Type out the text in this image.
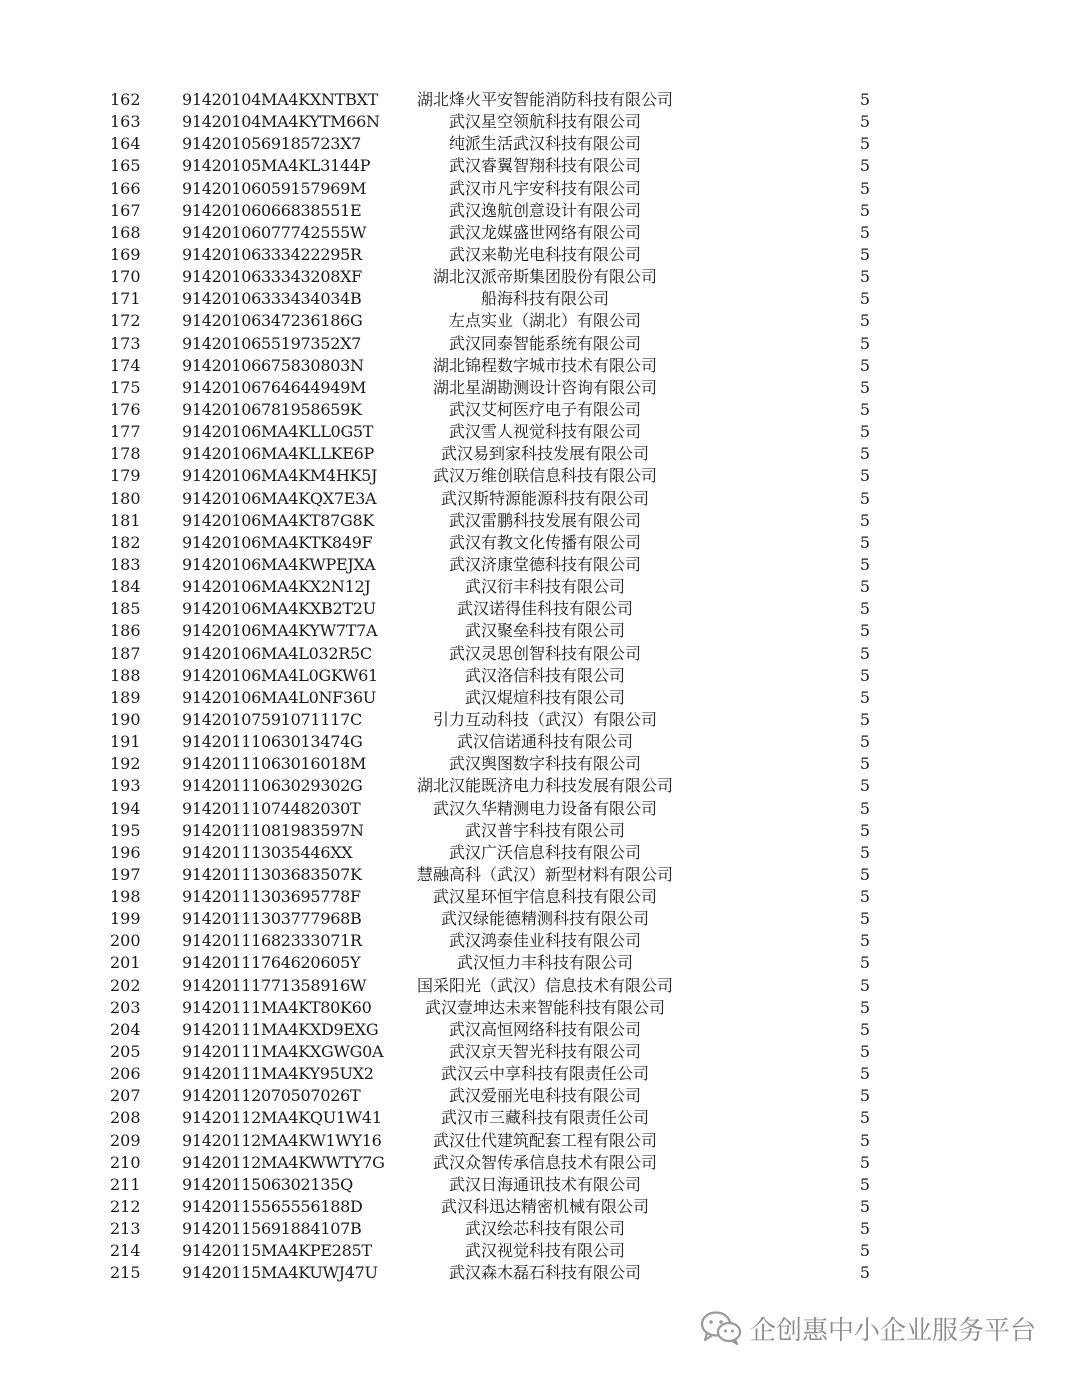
162	91420104MA4KXNTBXT	湖北烽火平安智能消防科技有限公司	5
163	91420104MA4KYTM66N	武汉星空领航科技有限公司	5
164	9142010569185723X7	纯派生活武汉科技有限公司	5
165	91420105MA4KL3144P	武汉睿翼智翔科技有限公司	5
166	91420106059157969M	武汉市凡宇安科技有限公司	5
167	91420106066838551E	武汉逸航创意设计有限公司	5
168	91420106077742555W	武汉龙媒盛世网络有限公司	5
169	91420106333422295R	武汉来勒光电科技有限公司	5
170	9142010633343208XF	湖北汉派帝斯集团股份有限公司	5
171	91420106333434034B	船海科技有限公司	5
172	91420106347236186G	左点实业（湖北）有限公司	5
173	9142010655197352X7	武汉同泰智能系统有限公司	5
174	91420106675830803N	湖北锦程数字城市技术有限公司	5
175	91420106764644949M	湖北星湖勘测设计咨询有限公司	5
176	91420106781958659K	武汉艾柯医疗电子有限公司	5
177	91420106MA4KLL0G5T	武汉雪人视觉科技有限公司	5
178	91420106MA4KLLKE6P	武汉易到家科技发展有限公司	5
179	91420106MA4KM4HK5J	武汉万维创联信息科技有限公司	5
180	91420106MA4KQX7E3A	武汉斯特源能源科技有限公司	5
181	91420106MA4KT87G8K	武汉雷鹏科技发展有限公司	5
182	91420106MA4KTK849F	武汉有教文化传播有限公司	5
183	91420106MA4KWPEJXA	武汉济康堂德科技有限公司	5
184	91420106MA4KX2N12J	武汉衍丰科技有限公司	5
185	91420106MA4KXB2T2U	武汉诺得佳科技有限公司	5
186	91420106MA4KYW7T7A	武汉聚垒科技有限公司	5
187	91420106MA4L032R5C	武汉灵思创智科技有限公司	5
188	91420106MA4L0GKW61	武汉洛信科技有限公司	5
189	91420106MA4L0NF36U	武汉焜煊科技有限公司	5
190	91420107591071117C	引力互动科技（武汉）有限公司	5
191	91420111063013474G	武汉信诺通科技有限公司	5
192	91420111063016018M	武汉舆图数字科技有限公司	5
193	91420111063029302G	湖北汉能既济电力科技发展有限公司	5
194	91420111074482030T	武汉久华精测电力设备有限公司	5
195	91420111081983597N	武汉普宇科技有限公司	5
196	914201113035446XX	武汉广沃信息科技有限公司	5
197	91420111303683507K	慧融高科（武汉）新型材料有限公司	5
198	91420111303695778F	武汉星环恒宇信息科技有限公司	5
199	91420111303777968B	武汉绿能德精测科技有限公司	5
200	91420111682333071R	武汉鸿泰佳业科技有限公司	5
201	91420111764620605Y	武汉恒力丰科技有限公司	5
202	91420111771358916W	国采阳光（武汉）信息技术有限公司	5
203	91420111MA4KT80K60	武汉壹坤达未来智能科技有限公司	5
204	91420111MA4KXD9EXG	武汉高恒网络科技有限公司	5
205	91420111MA4KXGWG0A	武汉京天智光科技有限公司	5
206	91420111MA4KY95UX2	武汉云中享科技有限责任公司	5
207	91420112070507026T	武汉爱丽光电科技有限公司	5
208	91420112MA4KQU1W41	武汉市三藏科技有限责任公司	5
209	91420112MA4KW1WY16	武汉仕代建筑配套工程有限公司	5
210	91420112MA4KWWTY7G	武汉众智传承信息技术有限公司	5
211	9142011506302135Q	武汉日海通讯技术有限公司	5
212	91420115565556188D	武汉科迅达精密机械有限公司	5
213	91420115691884107B	武汉绘芯科技有限公司	5
214	91420115MA4KPE285T	武汉视觉科技有限公司	5
215	91420115MA4KUWJ47U	武汉森木磊石科技有限公司	5
企创惠中小企业服务平台
